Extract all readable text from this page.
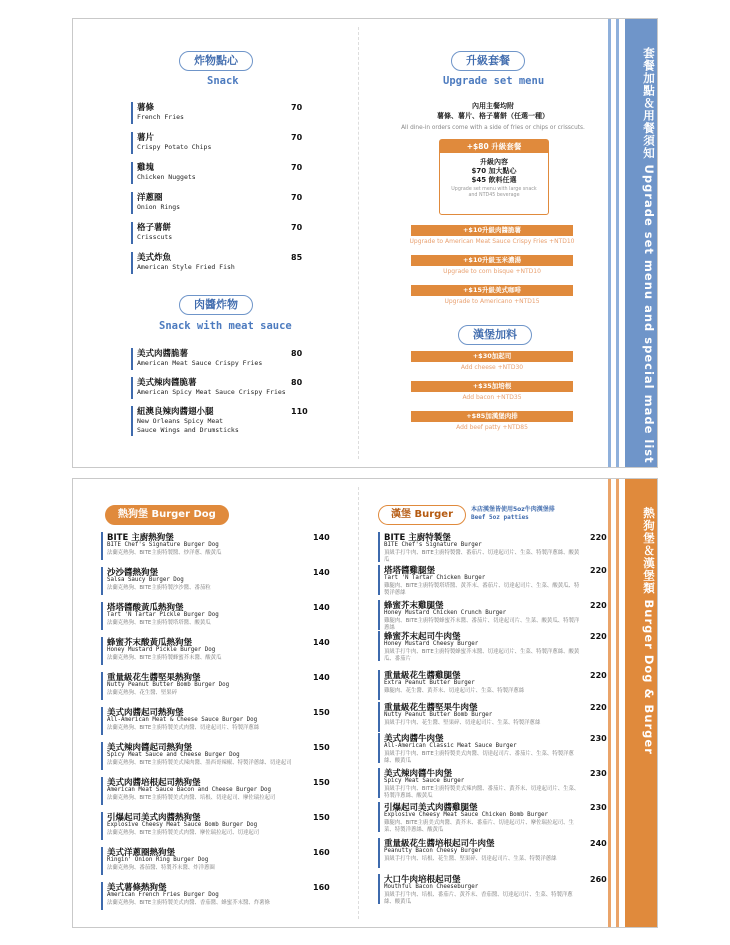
炸物點心
Snack
薯條
French Fries
70
薯片
Crispy Potato Chips
70
雞塊
Chicken Nuggets
70
洋蔥圈
Onion Rings
70
格子薯餅
Crisscuts
70
美式炸魚
American Style Fried Fish
85
肉醬炸物
Snack with meat sauce
美式肉醬脆薯
American Meat Sauce Crispy Fries
80
美式辣肉醬脆薯
American Spicy Meat Sauce Crispy Fries
80
紐澳良辣肉醬翅小腿
New Orleans Spicy Meat
Sauce Wings and Drumsticks
110
升級套餐
Upgrade set menu
內用主餐均附
薯條、薯片、格子薯餅（任選一種）
All dine-in orders come with a side of fries or chips or crisscuts.
+$80 升級套餐
升級內容
$70 加大點心
$45 飲料任選
Upgrade set menu with large snack
and NTD45 beverage
+$10升級肉醬脆薯
Upgrade to American Meat Sauce Crispy Fries +NTD10
+$10升級玉米濃湯
Upgrade to corn bisque +NTD10
+$15升級美式咖啡
Upgrade to Americano +NTD15
漢堡加料
+$30加起司
Add cheese +NTD30
+$35加培根
Add bacon +NTD35
+$85加漢堡肉排
Add beef patty +NTD85	套餐加點＆用餐須知 Upgrade set menu and special made list
熱狗堡 Burger Dog
BITE 主廚熱狗堡
BITE Chef's Signature Burger Dog
法蘭克熱狗、BITE主廚特製醬、炒洋蔥、酸黃瓜
140
沙沙醬熱狗堡
Salsa Saucy Burger Dog
法蘭克熱狗、BITE主廚特製沙沙醬、番茄粒
140
塔塔醬酸黃瓜熱狗堡
Tart 'N Tartar Pickle Burger Dog
法蘭克熱狗、BITE主廚特製塔塔醬、酸黃瓜
140
蜂蜜芥末酸黃瓜熱狗堡
Honey Mustard Pickle Burger Dog
法蘭克熱狗、BITE主廚特製蜂蜜芥末醬、酸黃瓜
140
重量級花生醬堅果熱狗堡
Nutty Peanut Butter Bomb Burger Dog
法蘭克熱狗、花生醬、堅果碎
140
美式肉醬起司熱狗堡
All-American Meat & Cheese Sauce Burger Dog
法蘭克熱狗、BITE主廚特製美式肉醬、切達起司片、特製洋蔥絲
150
美式辣肉醬起司熱狗堡
Spicy Meat Sauce and Cheese Burger Dog
法蘭克熱狗、BITE主廚特製美式辣肉醬、墨西哥辣椒、特製洋蔥絲、切達起司
150
美式肉醬培根起司熱狗堡
American Meat Sauce Bacon and Cheese Burger Dog
法蘭克熱狗、BITE主廚特製美式肉醬、培根、切達起司、摩佐瑞拉起司
150
引爆起司美式肉醬熱狗堡
Explosive Cheesy Meat Sauce Bomb Burger Dog
法蘭克熱狗、BITE主廚特製美式肉醬、摩佐瑞拉起司、切達起司
150
美式洋蔥圈熱狗堡
Ringin' Onion Ring Burger Dog
法蘭克熱狗、番茄醬、特製芥末醬、炸洋蔥圈
160
美式薯條熱狗堡
American French Fries Burger Dog
法蘭克熱狗、BITE主廚特製美式肉醬、香茄醬、蜂蜜芥末醬、炸薯條
160
漢堡 Burger	本店漢堡皆使用5oz牛肉漢堡排
Beef 5oz patties
BITE 主廚特製堡
BITE Chef's Signature Burger
頂級手打牛肉、BITE主廚特製醬、番茄片、切達起司片、生菜、特製洋蔥絲、酸黃瓜
220
塔塔醬雞腿堡
Tart 'N Tartar Chicken Burger
雞腿肉、BITE主廚特製塔塔醬、黃芥末、番茄片、切達起司片、生菜、酸黃瓜、特製洋蔥絲
220
蜂蜜芥末雞腿堡
Honey Mustard Chicken Crunch Burger
雞腿肉、BITE主廚特製蜂蜜芥末醬、番茄片、切達起司片、生菜、酸黃瓜、特製洋蔥絲
220
蜂蜜芥末起司牛肉堡
Honey Mustard Cheesy Burger
頂級手打牛肉、BITE主廚特製蜂蜜芥末醬、切達起司片、生菜、特製洋蔥絲、酸黃瓜、番茄片
220
重量級花生醬雞腿堡
Extra Peanut Butter Burger
雞腿肉、花生醬、黃芥末、切達起司片、生菜、特製洋蔥絲
220
重量級花生醬堅果牛肉堡
Nutty Peanut Butter Bomb Burger
頂級手打牛肉、花生醬、堅果碎、切達起司片、生菜、特製洋蔥絲
220
美式肉醬牛肉堡
All-American Classic Meat Sauce Burger
頂級手打牛肉、BITE主廚特製美式肉醬、切達起司片、番茄片、生菜、特製洋蔥絲、酸黃瓜
230
美式辣肉醬牛肉堡
Spicy Meat Sauce Burger
頂級手打牛肉、BITE主廚特製美式辣肉醬、番茄片、黃芥末、切達起司片、生菜、特製洋蔥絲、酸黃瓜
230
引爆起司美式肉醬雞腿堡
Explosive Cheesy Meat Sauce Chicken Bomb Burger
雞腿肉、BITE主廚美式肉醬、黃芥末、番茄片、切達起司片、摩佐瑞拉起司、生菜、特製洋蔥絲、酸黃瓜
230
重量級花生醬培根起司牛肉堡
Peanutty Bacon Cheesy Burger
頂級手打牛肉、培根、花生醬、堅果碎、切達起司片、生菜、特製洋蔥絲
240
大口牛肉培根起司堡
Mouthful Bacon Cheeseburger
頂級手打牛肉、培根、番茄片、黃芥末、香茄醬、切達起司片、生菜、特製洋蔥絲、酸黃瓜
260
熱狗堡＆漢堡類 Burger Dog & Burger
